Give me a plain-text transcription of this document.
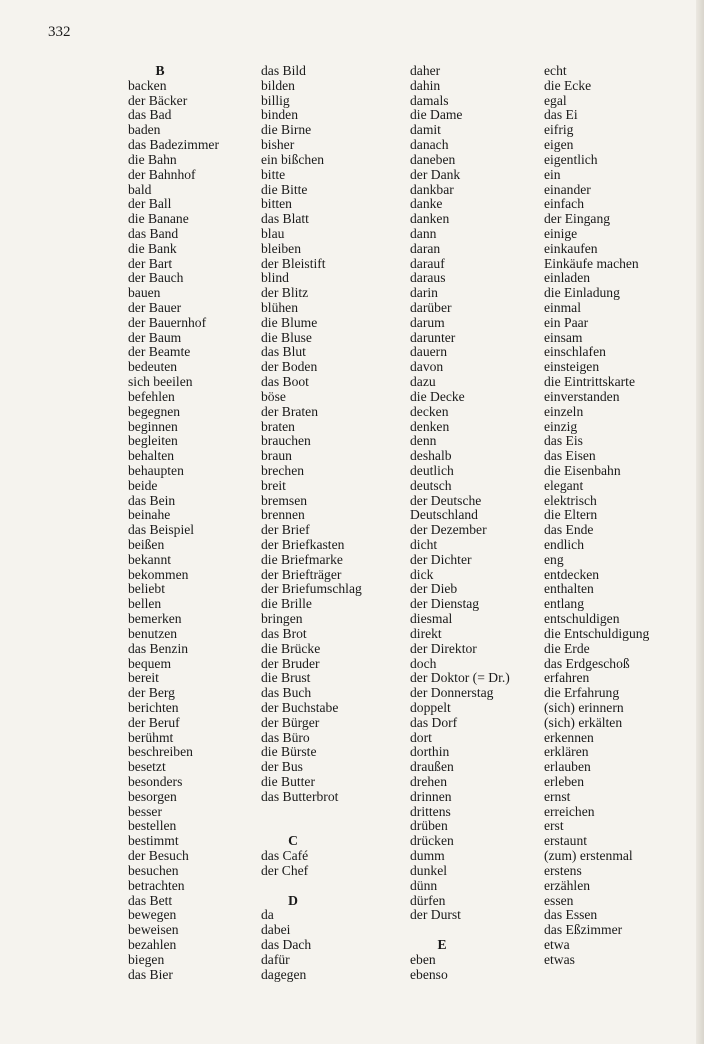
332
B
backen
der Bäcker
das Bad
baden
das Badezimmer
die Bahn
der Bahnhof
bald
der Ball
die Banane
das Band
die Bank
der Bart
der Bauch
bauen
der Bauer
der Bauernhof
der Baum
der Beamte
bedeuten
sich beeilen
befehlen
begegnen
beginnen
begleiten
behalten
behaupten
beide
das Bein
beinahe
das Beispiel
beißen
bekannt
bekommen
beliebt
bellen
bemerken
benutzen
das Benzin
bequem
bereit
der Berg
berichten
der Beruf
berühmt
beschreiben
besetzt
besonders
besorgen
besser
bestellen
bestimmt
der Besuch
besuchen
betrachten
das Bett
bewegen
beweisen
bezahlen
biegen
das Bier
das Bild
bilden
billig
binden
die Birne
bisher
ein bißchen
bitte
die Bitte
bitten
das Blatt
blau
bleiben
der Bleistift
blind
der Blitz
blühen
die Blume
die Bluse
das Blut
der Boden
das Boot
böse
der Braten
braten
brauchen
braun
brechen
breit
bremsen
brennen
der Brief
der Briefkasten
die Briefmarke
der Briefträger
der Briefumschlag
die Brille
bringen
das Brot
die Brücke
der Bruder
die Brust
das Buch
der Buchstabe
der Bürger
das Büro
die Bürste
der Bus
die Butter
das Butterbrot
C
das Café
der Chef
D
da
dabei
das Dach
dafür
dagegen
daher
dahin
damals
die Dame
damit
danach
daneben
der Dank
dankbar
danke
danken
dann
daran
darauf
daraus
darin
darüber
darum
darunter
dauern
davon
dazu
die Decke
decken
denken
denn
deshalb
deutlich
deutsch
der Deutsche
Deutschland
der Dezember
dicht
der Dichter
dick
der Dieb
der Dienstag
diesmal
direkt
der Direktor
doch
der Doktor (= Dr.)
der Donnerstag
doppelt
das Dorf
dort
dorthin
draußen
drehen
drinnen
drittens
drüben
drücken
dumm
dunkel
dünn
dürfen
der Durst
E
eben
ebenso
echt
die Ecke
egal
das Ei
eifrig
eigen
eigentlich
ein
einander
einfach
der Eingang
einige
einkaufen
Einkäufe machen
einladen
die Einladung
einmal
ein Paar
einsam
einschlafen
einsteigen
die Eintrittskarte
einverstanden
einzeln
einzig
das Eis
das Eisen
die Eisenbahn
elegant
elektrisch
die Eltern
das Ende
endlich
eng
entdecken
enthalten
entlang
entschuldigen
die Entschuldigung
die Erde
das Erdgeschoß
erfahren
die Erfahrung
(sich) erinnern
(sich) erkälten
erkennen
erklären
erlauben
erleben
ernst
erreichen
erst
erstaunt
(zum) erstenmal
erstens
erzählen
essen
das Essen
das Eßzimmer
etwa
etwas
